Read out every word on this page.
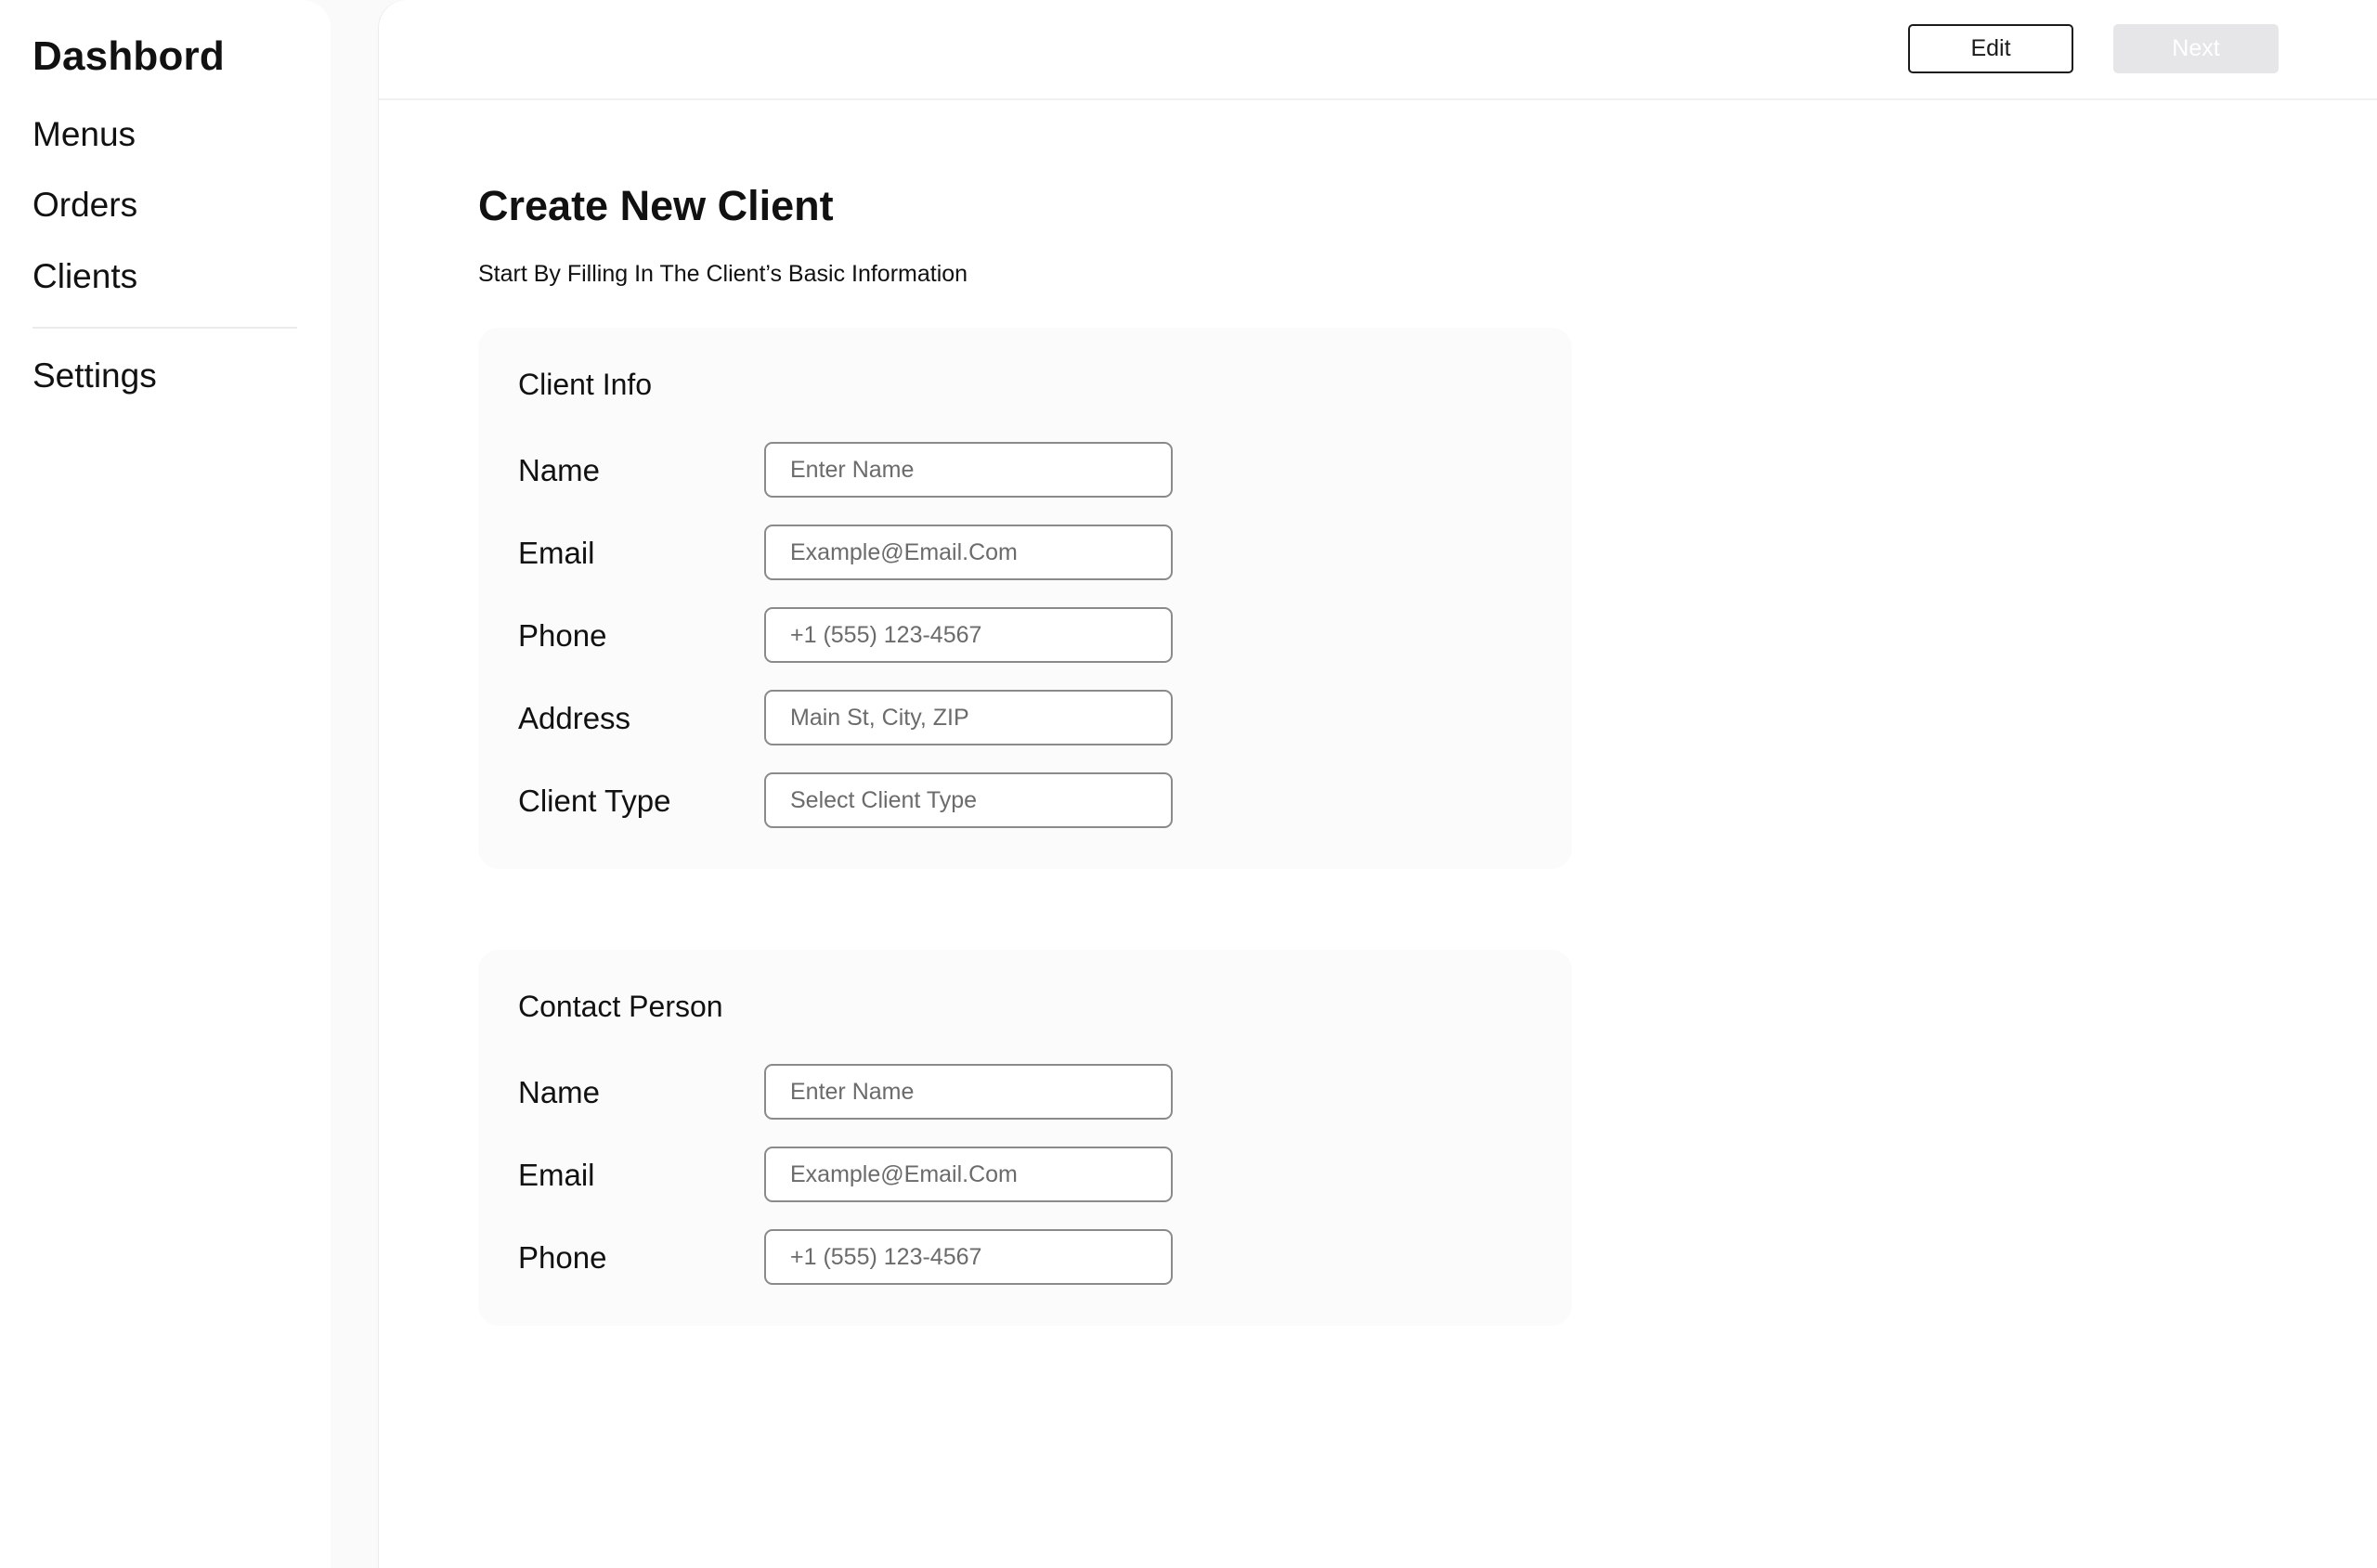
Dashbord
Menus
Orders
Clients
Settings
Edit	Next
Create New Client

Start By Filling In The Client’s Basic Information

Client Info
Name
Enter Name
Email
Example@Email.Com
Phone
+1 (555) 123-4567
Address
Main St, City, ZIP
Client Type	Select Client Type
Contact Person
Name
Enter Name
Email
Example@Email.Com
Phone
+1 (555) 123-4567
